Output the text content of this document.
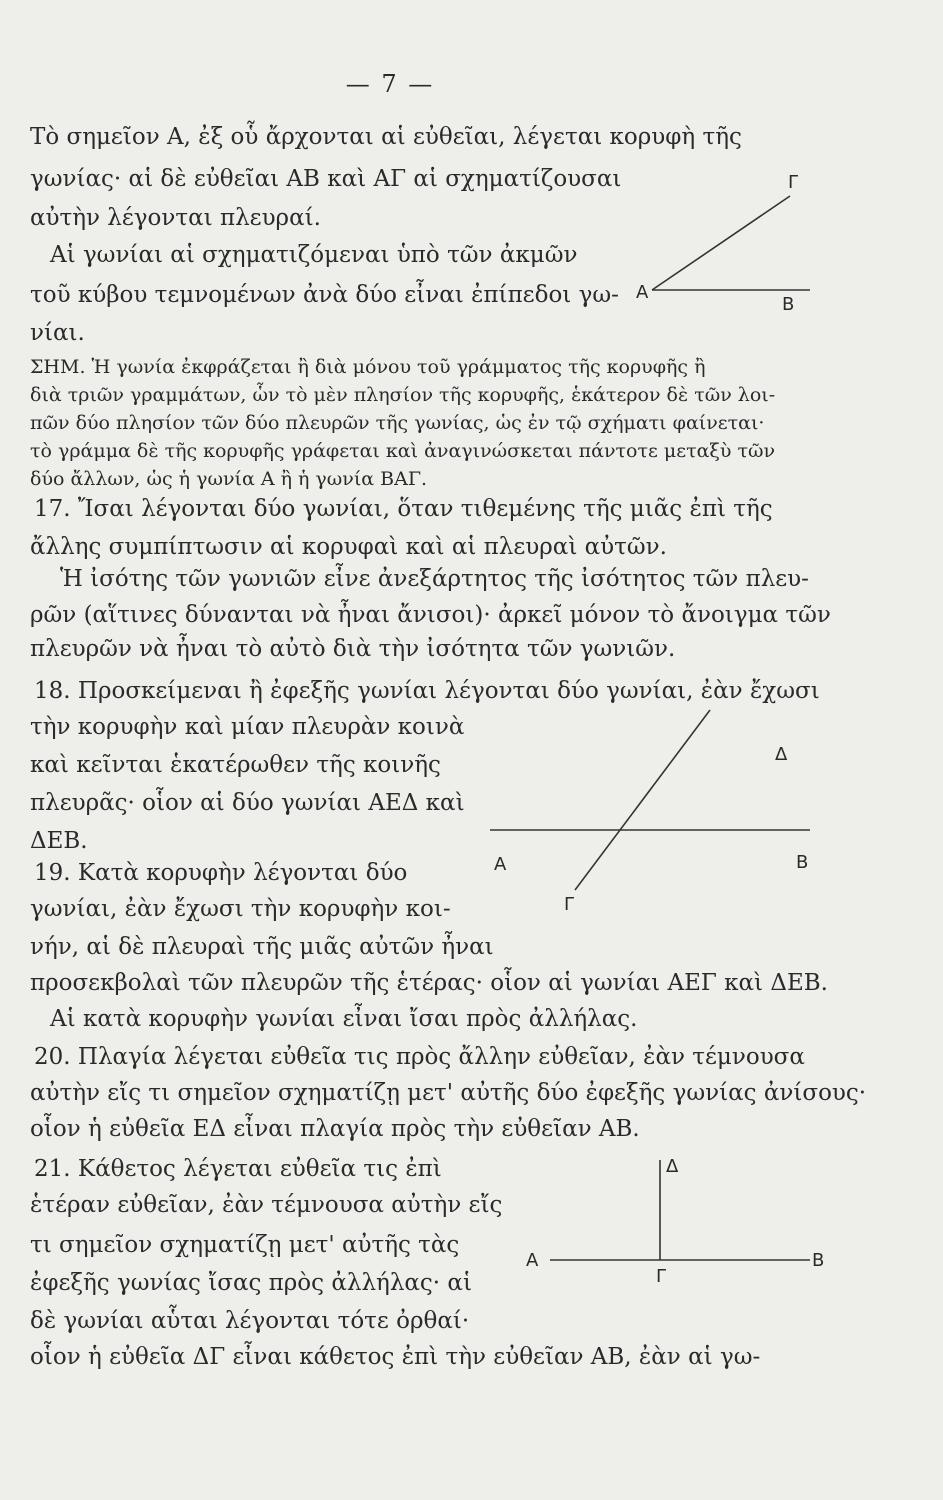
— 7 —
Τὸ σημεῖον Α, ἐξ οὗ ἄρχονται αἱ εὐθεῖαι, λέγεται κορυφὴ τῆς
γωνίας· αἱ δὲ εὐθεῖαι ΑΒ καὶ ΑΓ αἱ σχηματίζουσαι
αὐτὴν λέγονται πλευραί.
Αἱ γωνίαι αἱ σχηματιζόμεναι ὑπὸ τῶν ἀκμῶν
τοῦ κύβου τεμνομένων ἀνὰ δύο εἶναι ἐπίπεδοι γω-
νίαι.
ΣΗΜ. Ἡ γωνία ἐκφράζεται ἢ διὰ μόνου τοῦ γράμματος τῆς κορυφῆς ἢ
διὰ τριῶν γραμμάτων, ὧν τὸ μὲν πλησίον τῆς κορυφῆς, ἑκάτερον δὲ τῶν λοι-
πῶν δύο πλησίον τῶν δύο πλευρῶν τῆς γωνίας, ὡς ἐν τῷ σχήματι φαίνεται·
τὸ γράμμα δὲ τῆς κορυφῆς γράφεται καὶ ἀναγινώσκεται πάντοτε μεταξὺ τῶν
δύο ἄλλων, ὡς ἡ γωνία Α ἢ ἡ γωνία ΒΑΓ.
17. Ἴσαι λέγονται δύο γωνίαι, ὅταν τιθεμένης τῆς μιᾶς ἐπὶ τῆς
ἄλλης συμπίπτωσιν αἱ κορυφαὶ καὶ αἱ πλευραὶ αὐτῶν.
Ἡ ἰσότης τῶν γωνιῶν εἶνε ἀνεξάρτητος τῆς ἰσότητος τῶν πλευ-
ρῶν (αἵτινες δύνανται νὰ ἦναι ἄνισοι)· ἀρκεῖ μόνον τὸ ἄνοιγμα τῶν
πλευρῶν νὰ ἦναι τὸ αὐτὸ διὰ τὴν ἰσότητα τῶν γωνιῶν.
18. Προσκείμεναι ἢ ἐφεξῆς γωνίαι λέγονται δύο γωνίαι, ἐὰν ἔχωσι
τὴν κορυφὴν καὶ μίαν πλευρὰν κοινὰ
καὶ κεῖνται ἑκατέρωθεν τῆς κοινῆς
πλευρᾶς· οἷον αἱ δύο γωνίαι ΑΕΔ καὶ
ΔΕΒ.
19. Κατὰ κορυφὴν λέγονται δύο
γωνίαι, ἐὰν ἔχωσι τὴν κορυφὴν κοι-
νήν, αἱ δὲ πλευραὶ τῆς μιᾶς αὐτῶν ἦναι
προσεκβολαὶ τῶν πλευρῶν τῆς ἑτέρας· οἷον αἱ γωνίαι ΑΕΓ καὶ ΔΕΒ.
Αἱ κατὰ κορυφὴν γωνίαι εἶναι ἴσαι πρὸς ἀλλήλας.
20. Πλαγία λέγεται εὐθεῖα τις πρὸς ἄλλην εὐθεῖαν, ἐὰν τέμνουσα
αὐτὴν εἴς τι σημεῖον σχηματίζῃ μετ' αὐτῆς δύο ἐφεξῆς γωνίας ἀνίσους·
οἷον ἡ εὐθεῖα ΕΔ εἶναι πλαγία πρὸς τὴν εὐθεῖαν ΑΒ.
21. Κάθετος λέγεται εὐθεῖα τις ἐπὶ
ἑτέραν εὐθεῖαν, ἐὰν τέμνουσα αὐτὴν εἴς
τι σημεῖον σχηματίζῃ μετ' αὐτῆς τὰς
ἐφεξῆς γωνίας ἴσας πρὸς ἀλλήλας· αἱ
δὲ γωνίαι αὗται λέγονται τότε ὀρθαί·
οἷον ἡ εὐθεῖα ΔΓ εἶναι κάθετος ἐπὶ τὴν εὐθεῖαν ΑΒ, ἐὰν αἱ γω-
Α
Β
Γ
Δ
Α	Β
Γ
Δ
Α
Γ
Β
